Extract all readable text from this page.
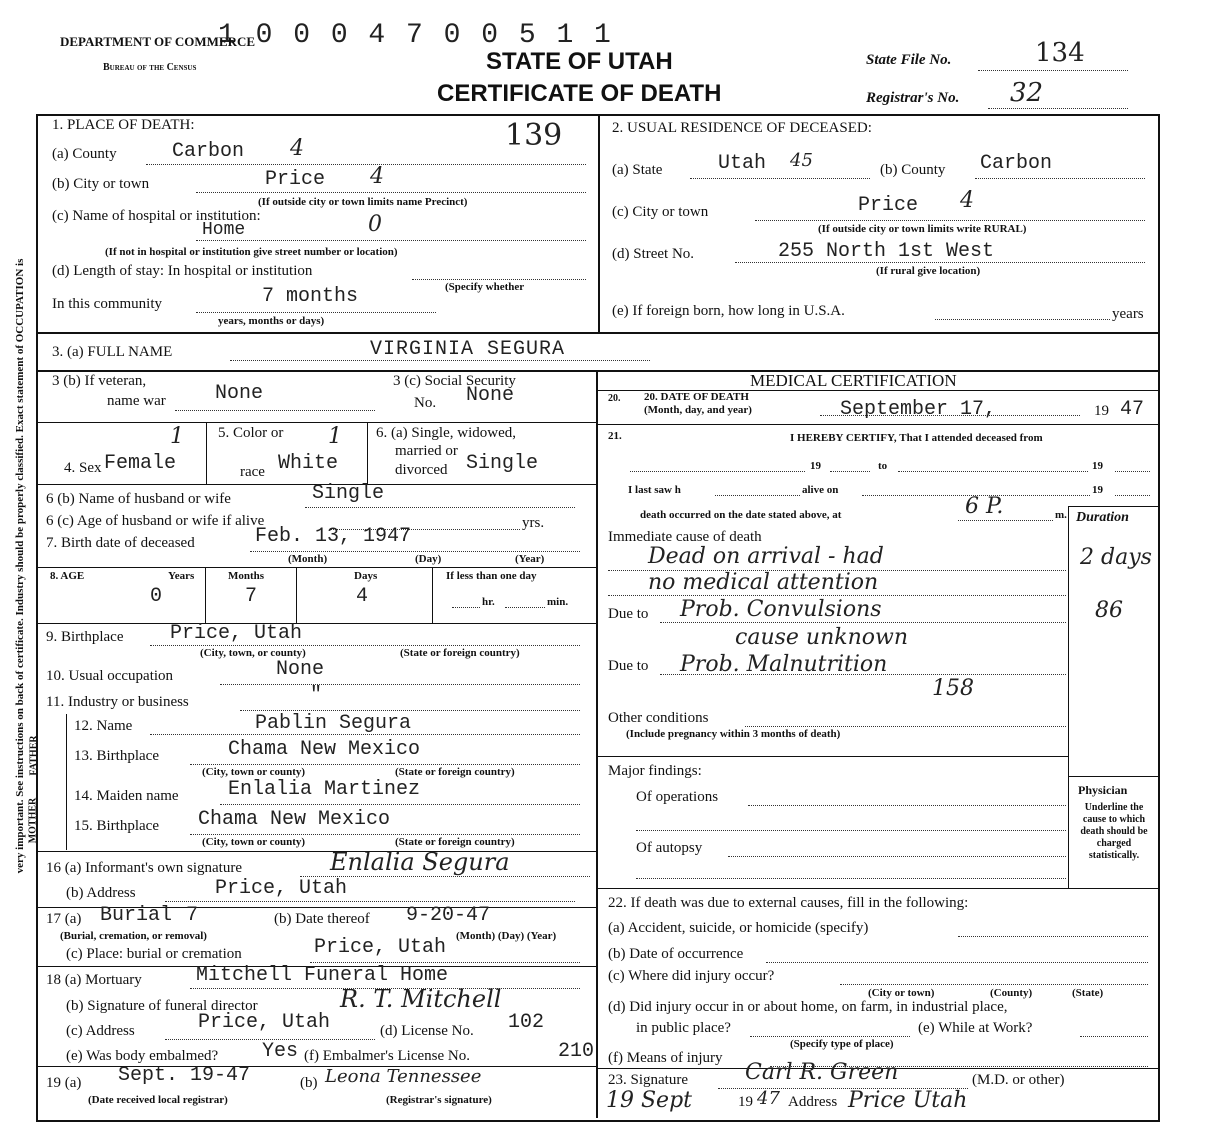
1 0 0 0 4 7 0 0 5 1 1
DEPARTMENT OF COMMERCE
Bureau of the Census	STATE OF UTAH
CERTIFICATE OF DEATH
State File No.	134
Registrar's No. 32
very important. See instructions on back of certificate. Industry should be properly classified. Exact statement of OCCUPATION is
1. PLACE OF DEATH:	139
(a) County	Carbon 4
(b) City or town	Price 4
(If outside city or town limits name Precinct)
(c) Name of hospital or institution:
Home	0
(If not in hospital or institution give street number or location)
(d) Length of stay: In hospital or institution
In this community	7 months	(Specify whether
years, months or days)
2. USUAL RESIDENCE OF DECEASED:
(a) State	Utah 45	(b) County Carbon
(c) City or town	Price 4
(If outside city or town limits write RURAL)
(d) Street No.	255 North 1st West
(If rural give location)
(e) If foreign born, how long in U.S.A.	years
3. (a) FULL NAME	VIRGINIA SEGURA
3 (b) If veteran,
name war None
3 (c) Social Security
No. None
4. Sex Female
1 5. Color or 1
race White
6. (a) Single, widowed,
married or
divorced Single
6 (b) Name of husband or wife	Single
6 (c) Age of husband or wife if alive	yrs.
7. Birth date of deceased	Feb. 13, 1947
(Month)	(Day)	(Year)
8. AGE	Years	Months	Days	If less than one day
0	7	4	hr.	min.
9. Birthplace Price, Utah
(City, town, or county)	(State or foreign country)
10. Usual occupation	None
11. Industry or business	"
FATHER
MOTHER
12. Name	Pablin Segura
13. Birthplace	Chama New Mexico
(City, town or county)	(State or foreign country)
14. Maiden name Enlalia Martinez
15. Birthplace Chama New Mexico
(City, town or county)	(State or foreign country)
16 (a) Informant's own signature	Enlalia Segura
(b) Address	Price, Utah
17 (a) Burial 7	(b) Date thereof 9-20-47
(Burial, cremation, or removal)	(Month) (Day) (Year)
(c) Place: burial or cremation	Price, Utah
18 (a) Mortuary	Mitchell Funeral Home
(b) Signature of funeral director	R. T. Mitchell
(c) Address	Price, Utah	(d) License No. 102
(e) Was body embalmed? Yes (f) Embalmer's License No.	210
19 (a) Sept. 19-47	(b) Leona Tennessee
(Date received local registrar)	(Registrar's signature)
MEDICAL CERTIFICATION
20. 20. DATE OF DEATH
(Month, day, and year)	September 17,	19 47
21.	I HEREBY CERTIFY, That I attended deceased from
19	to	19
I last saw h	alive on	19
death occurred on the date stated above, at	6 P.	m. Duration
Immediate cause of death
Dead on arrival - had	2 days
no medical attention
Due to Prob. Convulsions	86
cause unknown
Due to Prob. Malnutrition
158
Other conditions
(Include pregnancy within 3 months of death)
Major findings:
Of operations
Of autopsy
Physician
Underline the cause to which death should be charged statistically.
22. If death was due to external causes, fill in the following:
(a) Accident, suicide, or homicide (specify)
(b) Date of occurrence
(c) Where did injury occur?
(City or town)	(County)	(State)
(d) Did injury occur in or about home, on farm, in industrial place,
in public place?	(e) While at Work?
(Specify type of place)
(f) Means of injury
23. Signature	Carl R. Green	(M.D. or other)
19 Sept	19 47 Address Price Utah
